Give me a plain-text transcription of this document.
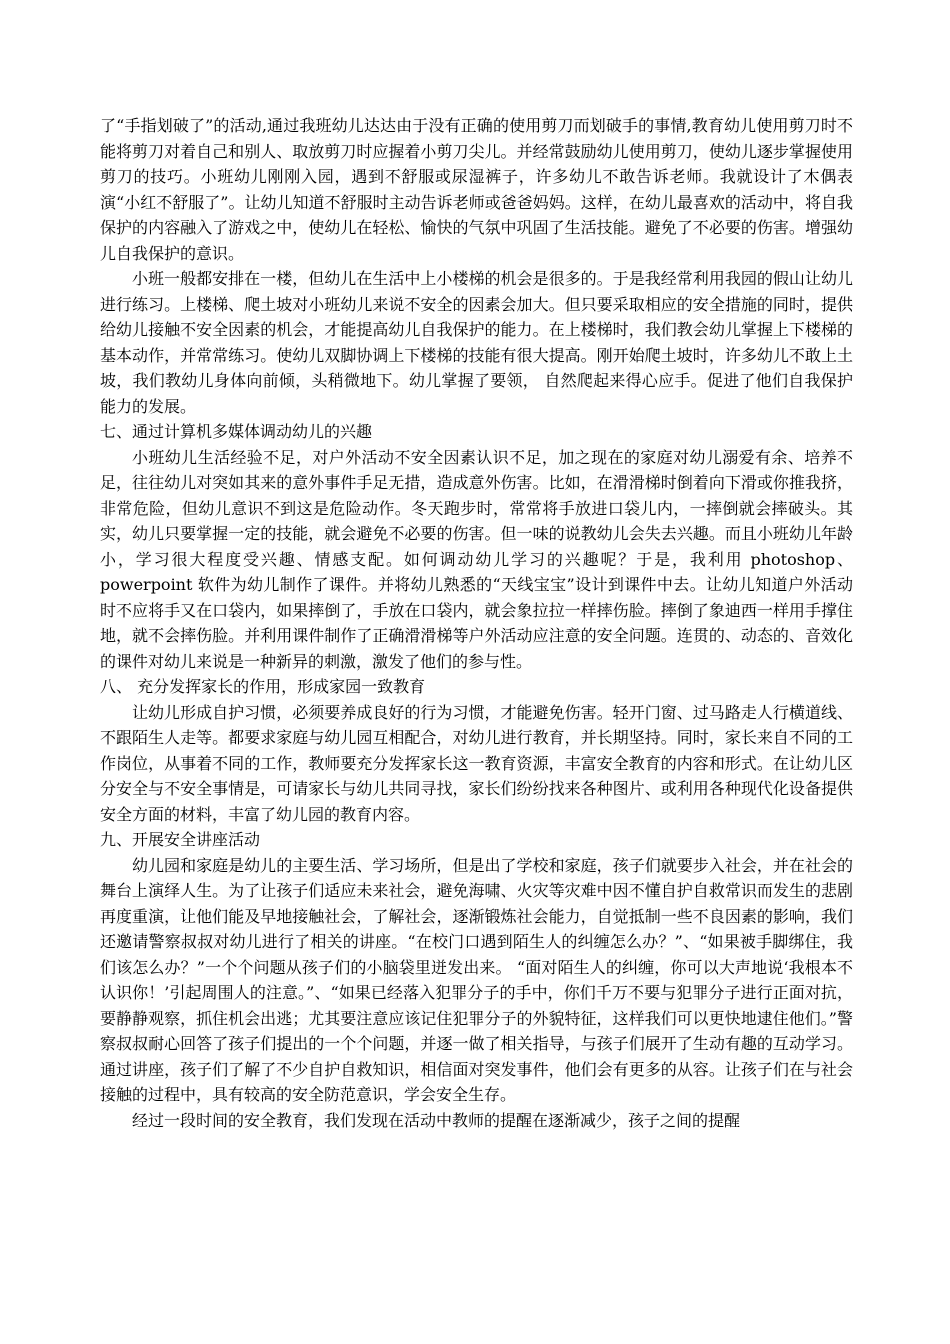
了“手指划破了”的活动,通过我班幼儿达达由于没有正确的使用剪刀而划破手的事情,教育幼儿使用剪刀时不能将剪刀对着自己和别人、取放剪刀时应握着小剪刀尖儿。并经常鼓励幼儿使用剪刀，使幼儿逐步掌握使用剪刀的技巧。小班幼儿刚刚入园，遇到不舒服或尿湿裤子，许多幼儿不敢告诉老师。我就设计了木偶表演“小红不舒服了”。让幼儿知道不舒服时主动告诉老师或爸爸妈妈。这样，在幼儿最喜欢的活动中，将自我保护的内容融入了游戏之中，使幼儿在轻松、愉快的气氛中巩固了生活技能。避免了不必要的伤害。增强幼儿自我保护的意识。

小班一般都安排在一楼，但幼儿在生活中上小楼梯的机会是很多的。于是我经常利用我园的假山让幼儿进行练习。上楼梯、爬土坡对小班幼儿来说不安全的因素会加大。但只要采取相应的安全措施的同时，提供给幼儿接触不安全因素的机会，才能提高幼儿自我保护的能力。在上楼梯时，我们教会幼儿掌握上下楼梯的基本动作，并常常练习。使幼儿双脚协调上下楼梯的技能有很大提高。刚开始爬土坡时，许多幼儿不敢上土坡，我们教幼儿身体向前倾，头稍微地下。幼儿掌握了要领， 自然爬起来得心应手。促进了他们自我保护能力的发展。

七、通过计算机多媒体调动幼儿的兴趣

小班幼儿生活经验不足，对户外活动不安全因素认识不足，加之现在的家庭对幼儿溺爱有余、培养不足，往往幼儿对突如其来的意外事件手足无措，造成意外伤害。比如，在滑滑梯时倒着向下滑或你推我挤，非常危险，但幼儿意识不到这是危险动作。冬天跑步时，常常将手放进口袋儿内，一摔倒就会摔破头。其实，幼儿只要掌握一定的技能，就会避免不必要的伤害。但一味的说教幼儿会失去兴趣。而且小班幼儿年龄小，学习很大程度受兴趣、情感支配。如何调动幼儿学习的兴趣呢？于是，我利用 photoshop、powerpoint 软件为幼儿制作了课件。并将幼儿熟悉的“天线宝宝”设计到课件中去。让幼儿知道户外活动时不应将手又在口袋内，如果摔倒了，手放在口袋内，就会象拉拉一样摔伤脸。摔倒了象迪西一样用手撑住地，就不会摔伤脸。并利用课件制作了正确滑滑梯等户外活动应注意的安全问题。连贯的、动态的、音效化的课件对幼儿来说是一种新异的刺激，激发了他们的参与性。

八、 充分发挥家长的作用，形成家园一致教育

让幼儿形成自护习惯，必须要养成良好的行为习惯，才能避免伤害。轻开门窗、过马路走人行横道线、不跟陌生人走等。都要求家庭与幼儿园互相配合，对幼儿进行教育，并长期坚持。同时，家长来自不同的工作岗位，从事着不同的工作，教师要充分发挥家长这一教育资源，丰富安全教育的内容和形式。在让幼儿区分安全与不安全事情是，可请家长与幼儿共同寻找，家长们纷纷找来各种图片、或利用各种现代化设备提供安全方面的材料，丰富了幼儿园的教育内容。

九、开展安全讲座活动

幼儿园和家庭是幼儿的主要生活、学习场所，但是出了学校和家庭，孩子们就要步入社会，并在社会的舞台上演绎人生。为了让孩子们适应未来社会，避免海啸、火灾等灾难中因不懂自护自救常识而发生的悲剧再度重演，让他们能及早地接触社会，了解社会，逐渐锻炼社会能力，自觉抵制一些不良因素的影响，我们还邀请警察叔叔对幼儿进行了相关的讲座。“在校门口遇到陌生人的纠缠怎么办？”、“如果被手脚绑住，我们该怎么办？”一个个问题从孩子们的小脑袋里迸发出来。 “面对陌生人的纠缠，你可以大声地说‘我根本不认识你！’引起周围人的注意。”、“如果已经落入犯罪分子的手中，你们千万不要与犯罪分子进行正面对抗，要静静观察，抓住机会出逃；尤其要注意应该记住犯罪分子的外貌特征，这样我们可以更快地逮住他们。”警察叔叔耐心回答了孩子们提出的一个个问题，并逐一做了相关指导，与孩子们展开了生动有趣的互动学习。通过讲座，孩子们了解了不少自护自救知识，相信面对突发事件，他们会有更多的从容。让孩子们在与社会接触的过程中，具有较高的安全防范意识，学会安全生存。

经过一段时间的安全教育，我们发现在活动中教师的提醒在逐渐减少，孩子之间的提醒
